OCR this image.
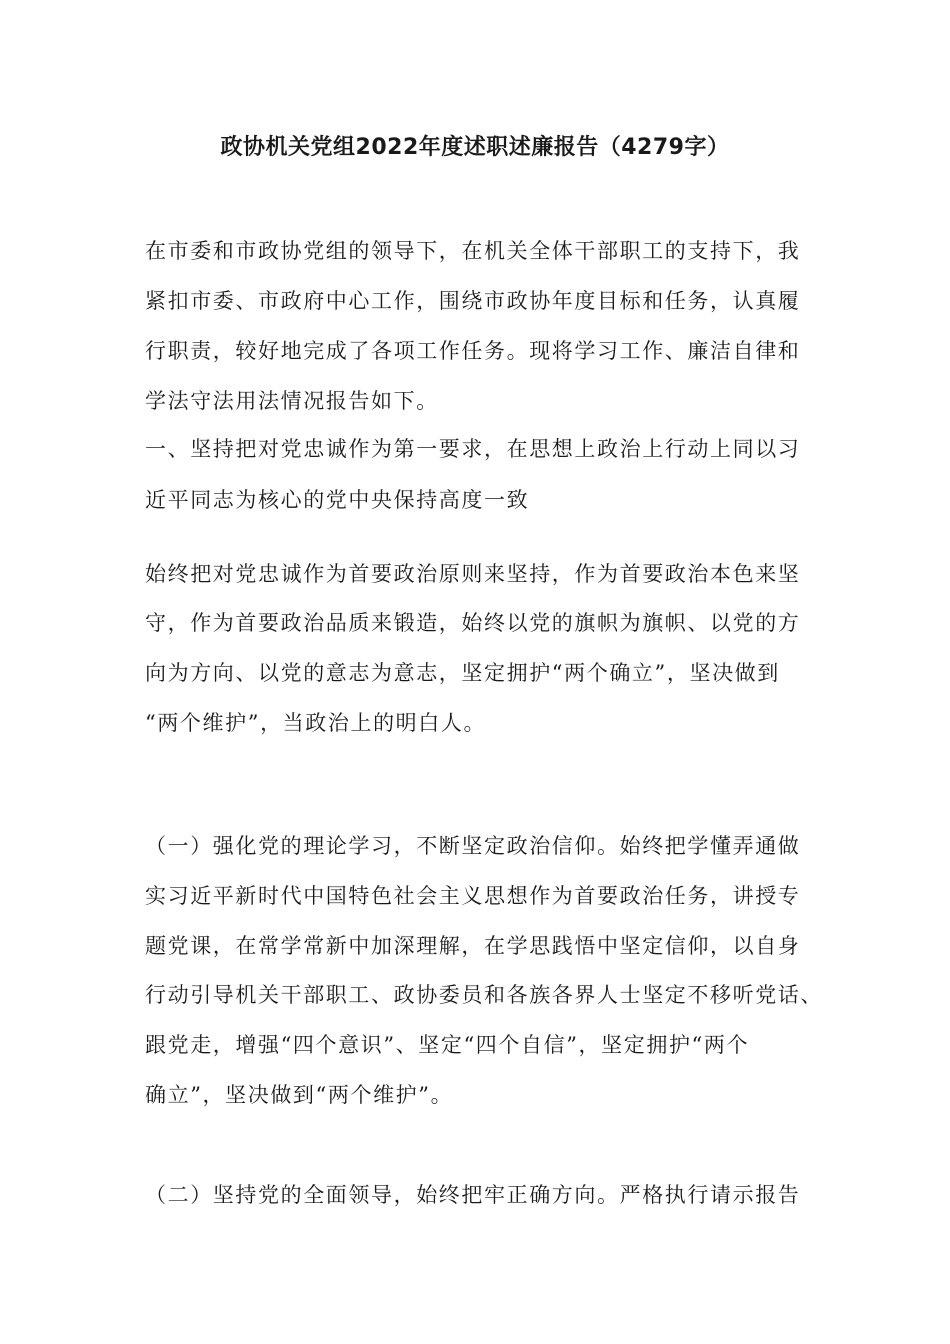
政协机关党组2022年度述职述廉报告（4279字）
在市委和市政协党组的领导下，在机关全体干部职工的支持下，我
紧扣市委、市政府中心工作，围绕市政协年度目标和任务，认真履
行职责，较好地完成了各项工作任务。现将学习工作、廉洁自律和
学法守法用法情况报告如下。
一、坚持把对党忠诚作为第一要求，在思想上政治上行动上同以习
近平同志为核心的党中央保持高度一致
始终把对党忠诚作为首要政治原则来坚持，作为首要政治本色来坚
守，作为首要政治品质来锻造，始终以党的旗帜为旗帜、以党的方
向为方向、以党的意志为意志，坚定拥护“两个确立”，坚决做到
“两个维护”，当政治上的明白人。
（一）强化党的理论学习，不断坚定政治信仰。始终把学懂弄通做
实习近平新时代中国特色社会主义思想作为首要政治任务，讲授专
题党课，在常学常新中加深理解，在学思践悟中坚定信仰，以自身
行动引导机关干部职工、政协委员和各族各界人士坚定不移听党话、
跟党走，增强“四个意识”、坚定“四个自信”，坚定拥护“两个
确立”，坚决做到“两个维护”。
（二）坚持党的全面领导，始终把牢正确方向。严格执行请示报告
